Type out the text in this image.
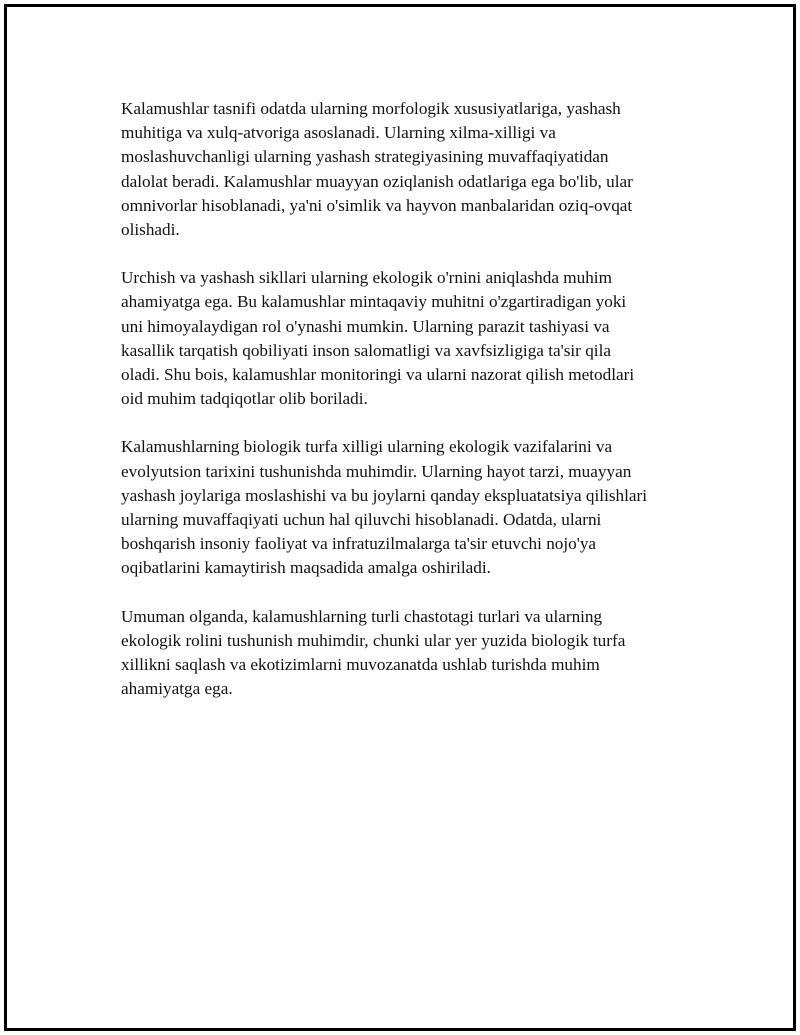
Kalamushlar tasnifi odatda ularning morfologik xususiyatlariga, yashash
muhitiga va xulq-atvoriga asoslanadi. Ularning xilma-xilligi va
moslashuvchanligi ularning yashash strategiyasining muvaffaqiyatidan
dalolat beradi. Kalamushlar muayyan oziqlanish odatlariga ega bo'lib, ular
omnivorlar hisoblanadi, ya'ni o'simlik va hayvon manbalaridan oziq-ovqat
olishadi.

Urchish va yashash sikllari ularning ekologik o'rnini aniqlashda muhim
ahamiyatga ega. Bu kalamushlar mintaqaviy muhitni o'zgartiradigan yoki
uni himoyalaydigan rol o'ynashi mumkin. Ularning parazit tashiyasi va
kasallik tarqatish qobiliyati inson salomatligi va xavfsizligiga ta'sir qila
oladi. Shu bois, kalamushlar monitoringi va ularni nazorat qilish metodlari
oid muhim tadqiqotlar olib boriladi.

Kalamushlarning biologik turfa xilligi ularning ekologik vazifalarini va
evolyutsion tarixini tushunishda muhimdir. Ularning hayot tarzi, muayyan
yashash joylariga moslashishi va bu joylarni qanday ekspluatatsiya qilishlari
ularning muvaffaqiyati uchun hal qiluvchi hisoblanadi. Odatda, ularni
boshqarish insoniy faoliyat va infratuzilmalarga ta'sir etuvchi nojo'ya
oqibatlarini kamaytirish maqsadida amalga oshiriladi.

Umuman olganda, kalamushlarning turli chastotagi turlari va ularning
ekologik rolini tushunish muhimdir, chunki ular yer yuzida biologik turfa
xillikni saqlash va ekotizimlarni muvozanatda ushlab turishda muhim
ahamiyatga ega.
